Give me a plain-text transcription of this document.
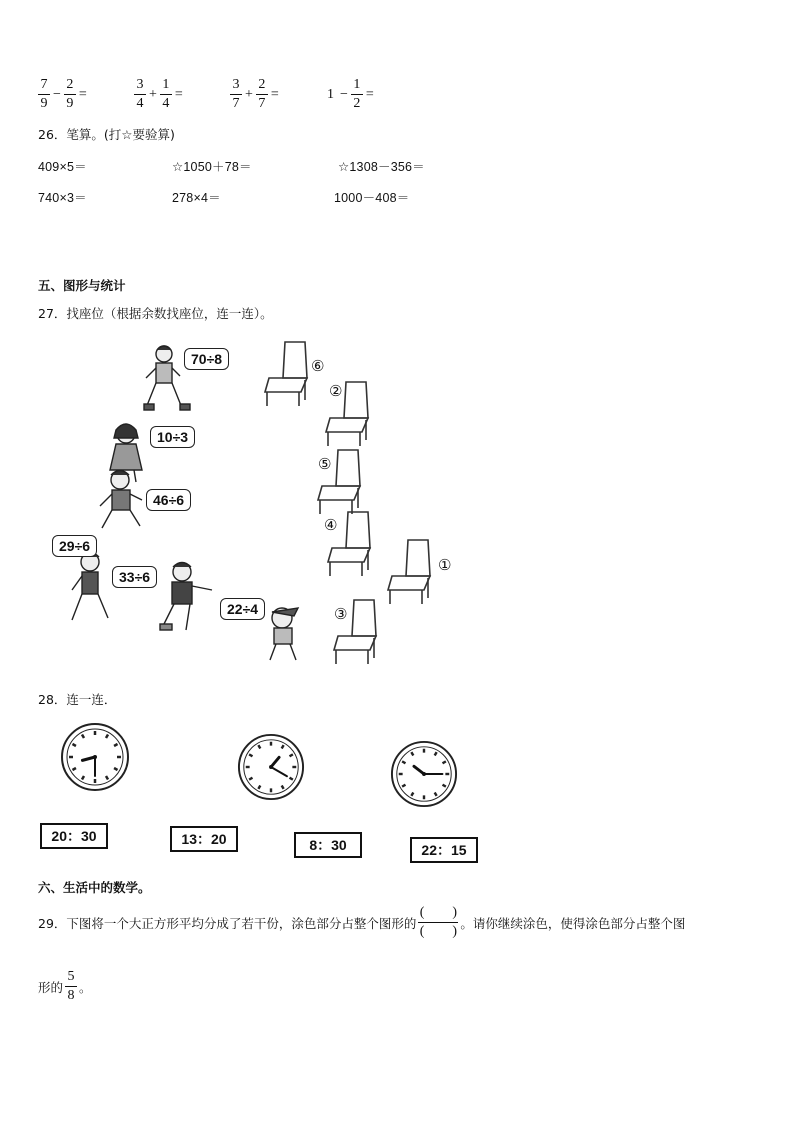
$\frac{7}{9} - \frac{2}{9}$ =	$\frac{3}{4} + \frac{1}{4}$ =	$\frac{3}{7} + \frac{2}{7}$ =	$1 - \frac{1}{2}$ =
26．笔算。(打☆要验算)
409×5＝	☆1050＋78＝	☆1308－356＝
740×3＝	278×4＝	1000－408＝
五、图形与统计
27．找座位（根据余数找座位，连一连）。
70÷8
10÷3
46÷6
29÷6
33÷6
22÷4
⑥
②
⑤
④
①
③
28．连一连．
20：30	13：20	8：30	22：15
六、生活中的数学。
29．下图将一个大正方形平均分成了若干份，涂色部分占整个图形的 $\frac{( )}{( )}$ 。请你继续涂色，使得涂色部分占整个图
形的 $\frac{5}{8}$ 。
